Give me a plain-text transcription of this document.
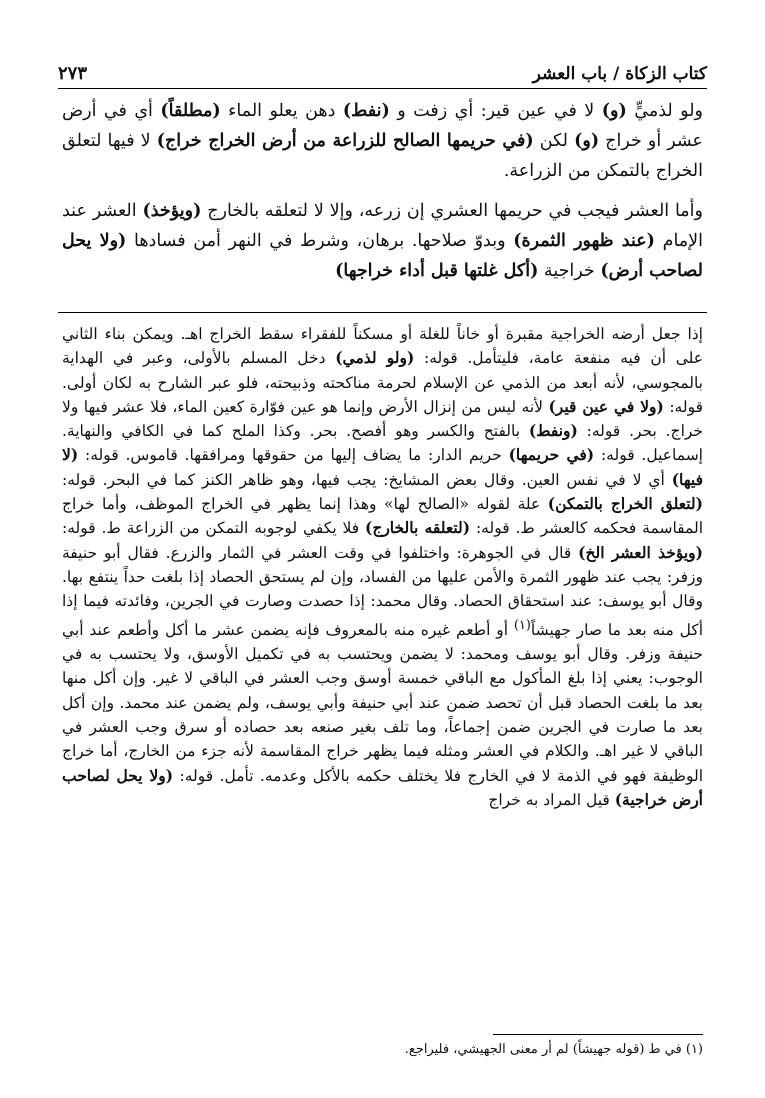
٢٧٣	كتاب الزكاة / باب العشر

ولو لذميٍّ (و) لا في عين قير: أي زفت و (نفط) دهن يعلو الماء (مطلقاً) أي في أرض عشر أو خراج (و) لكن (في حريمها الصالح للزراعة من أرض الخراج خراج) لا فيها لتعلق الخراج بالتمكن من الزراعة.

وأما العشر فيجب في حريمها العشري إن زرعه، وإلا لا لتعلقه بالخارج (ويؤخذ) العشر عند الإمام (عند ظهور الثمرة) وبدوّ صلاحها. برهان، وشرط في النهر أمن فسادها (ولا يحل لصاحب أرض) خراجية (أكل غلتها قبل أداء خراجها)

إذا جعل أرضه الخراجية مقبرة أو خاناً للغلة أو مسكناً للفقراء سقط الخراج اهـ. ويمكن بناء الثاني على أن فيه منفعة عامة، فليتأمل. قوله: (ولو لذمي) دخل المسلم بالأولى، وعبر في الهداية بالمجوسي، لأنه أبعد من الذمي عن الإسلام لحرمة مناكحته وذبيحته، فلو عبر الشارح به لكان أولى. قوله: (ولا في عين قير) لأنه ليس من إنزال الأرض وإنما هو عين فوّارة كعين الماء، فلا عشر فيها ولا خراج. بحر. قوله: (ونفط) بالفتح والكسر وهو أفصح. بحر. وكذا الملح كما في الكافي والنهاية. إسماعيل. قوله: (في حريمها) حريم الدار: ما يضاف إليها من حقوقها ومرافقها. قاموس. قوله: (لا فيها) أي لا في نفس العين. وقال بعض المشايخ: يجب فيها، وهو ظاهر الكنز كما في البحر. قوله: (لتعلق الخراج بالتمكن) علة لقوله «الصالح لها» وهذا إنما يظهر في الخراج الموظف، وأما خراج المقاسمة فحكمه كالعشر ط. قوله: (لتعلقه بالخارج) فلا يكفي لوجوبه التمكن من الزراعة ط. قوله: (ويؤخذ العشر الخ) قال في الجوهرة: واختلفوا في وقت العشر في الثمار والزرع. فقال أبو حنيفة وزفر: يجب عند ظهور الثمرة والأمن عليها من الفساد، وإن لم يستحق الحصاد إذا بلغت حداً ينتفع بها. وقال أبو يوسف: عند استحقاق الحصاد. وقال محمد: إذا حصدت وصارت في الجرين، وفائدته فيما إذا أكل منه بعد ما صار جهيشاً$^{(١)}$ أو أطعم غيره منه بالمعروف فإنه يضمن عشر ما أكل وأطعم عند أبي حنيفة وزفر. وقال أبو يوسف ومحمد: لا يضمن ويحتسب به في تكميل الأوسق، ولا يحتسب به في الوجوب: يعني إذا بلغ المأكول مع الباقي خمسة أوسق وجب العشر في الباقي لا غير. وإن أكل منها بعد ما بلغت الحصاد قبل أن تحصد ضمن عند أبي حنيفة وأبي يوسف، ولم يضمن عند محمد. وإن أكل بعد ما صارت في الجرين ضمن إجماعاً، وما تلف بغير صنعه بعد حصاده أو سرق وجب العشر في الباقي لا غير اهـ. والكلام في العشر ومثله فيما يظهر خراج المقاسمة لأنه جزء من الخارج، أما خراج الوظيفة فهو في الذمة لا في الخارج فلا يختلف حكمه بالأكل وعدمه. تأمل. قوله: (ولا يحل لصاحب أرض خراجية) قيل المراد به خراج

(١) في ط (قوله جهيشاً) لم أر معنى الجهيشي، فليراجع.
